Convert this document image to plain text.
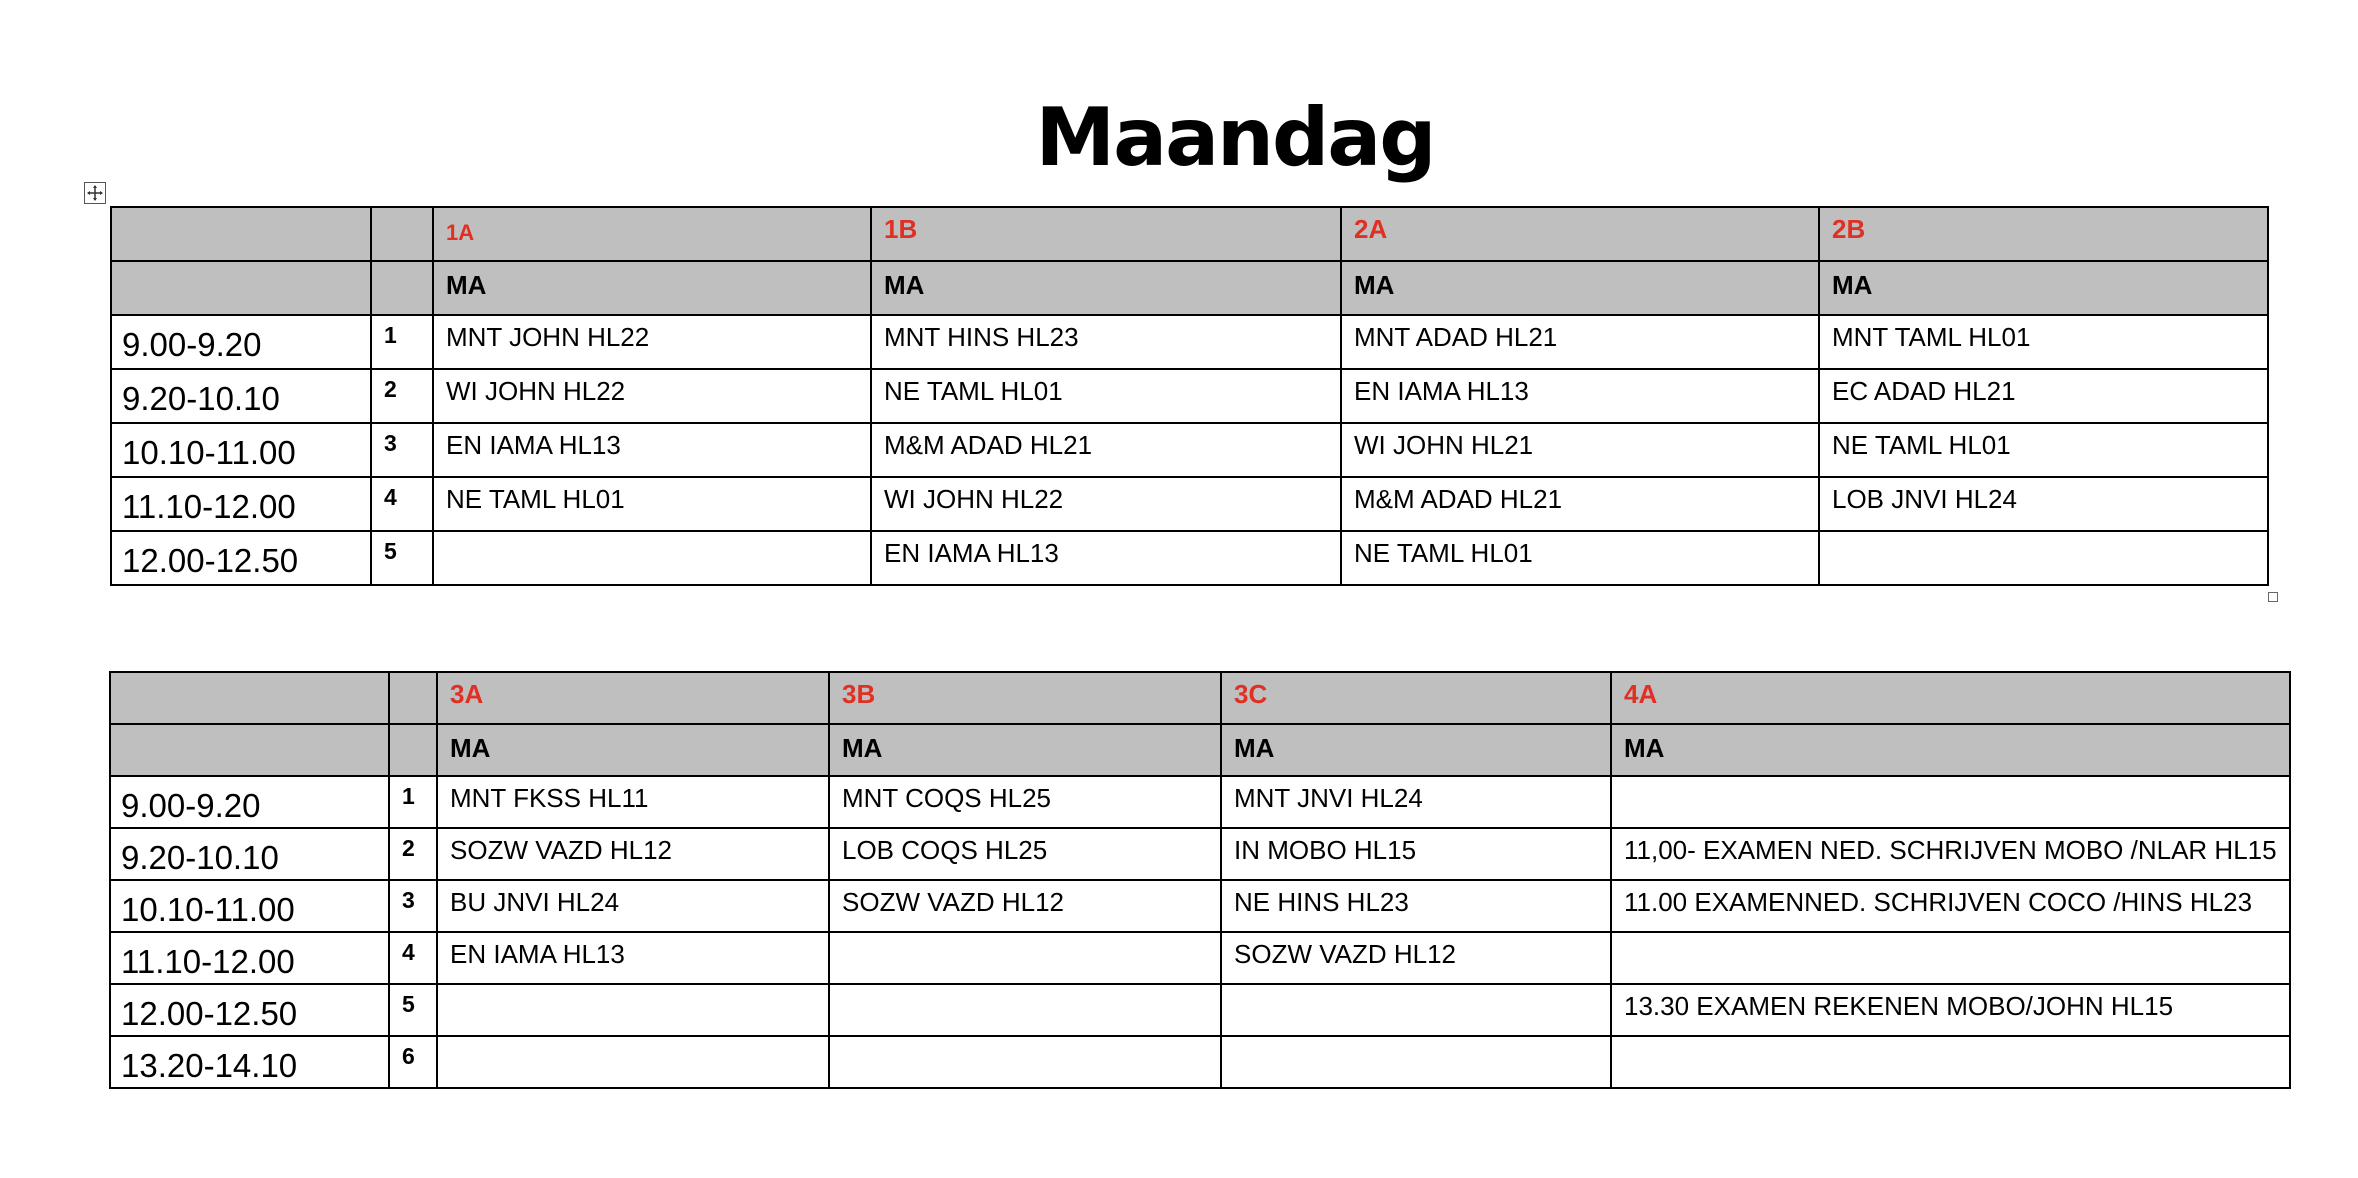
Maandag
		1A	1B	2A	2B
		MA	MA	MA	MA
9.00-9.20	1	MNT JOHN HL22	MNT HINS HL23	MNT ADAD HL21	MNT TAML HL01
9.20-10.10	2	WI JOHN HL22	NE TAML HL01	EN IAMA HL13	EC ADAD HL21
10.10-11.00	3	EN IAMA HL13	M&M ADAD HL21	WI JOHN HL21	NE TAML HL01
11.10-12.00	4	NE TAML HL01	WI JOHN HL22	M&M ADAD HL21	LOB JNVI HL24
12.00-12.50	5		EN IAMA HL13	NE TAML HL01	
		3A	3B	3C	4A
		MA	MA	MA	MA
9.00-9.20	1	MNT FKSS HL11	MNT COQS HL25	MNT JNVI HL24	
9.20-10.10	2	SOZW VAZD HL12	LOB COQS HL25	IN MOBO HL15	11,00- EXAMEN NED. SCHRIJVEN MOBO /NLAR HL15
10.10-11.00	3	BU JNVI HL24	SOZW VAZD HL12	NE HINS HL23	11.00 EXAMENNED. SCHRIJVEN COCO /HINS HL23
11.10-12.00	4	EN IAMA HL13		SOZW VAZD HL12	
12.00-12.50	5				13.30 EXAMEN REKENEN MOBO/JOHN HL15
13.20-14.10	6				
